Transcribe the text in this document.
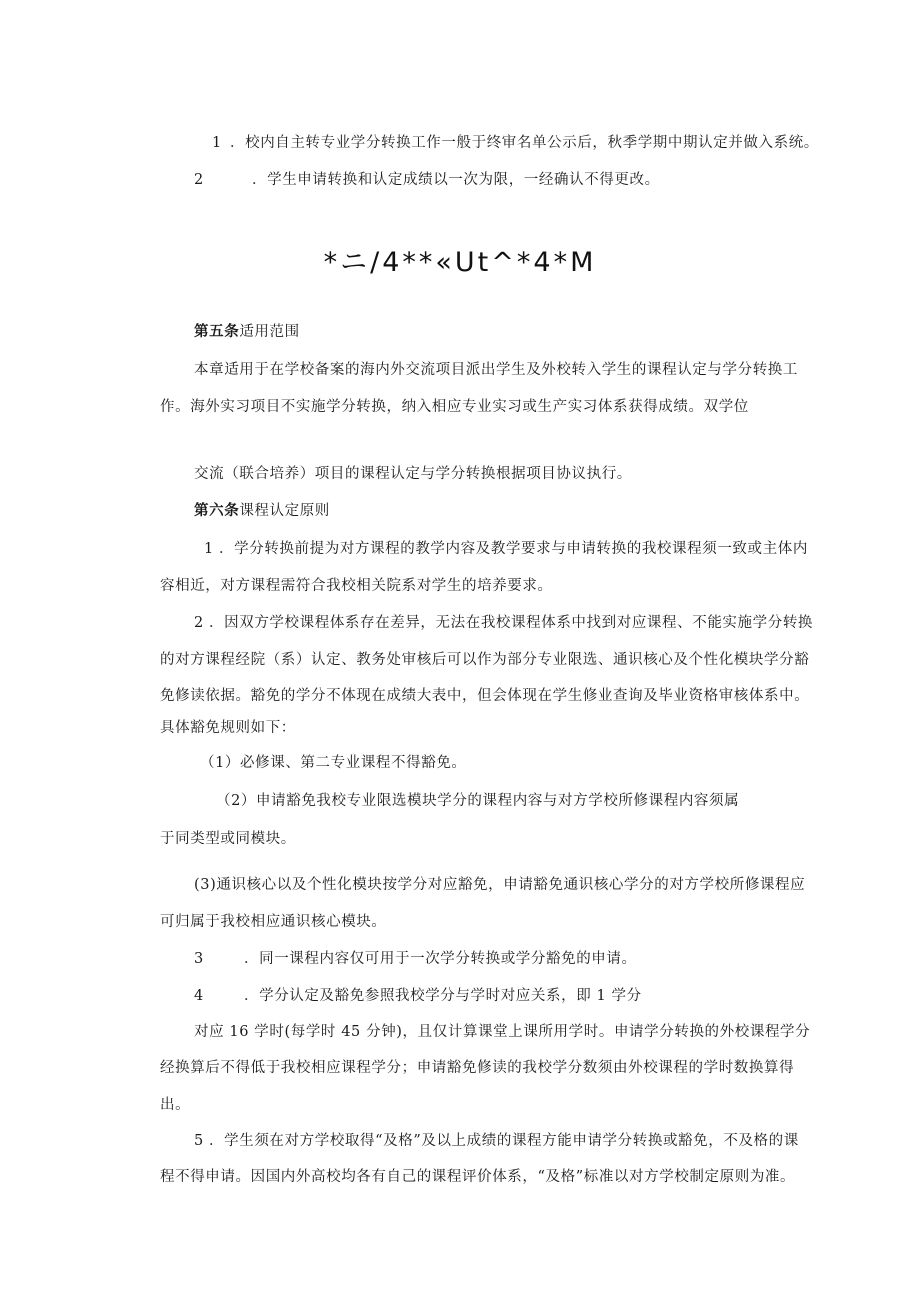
1 ．校内自主转专业学分转换工作一般于终审名单公示后，秋季学期中期认定并做入系统。
2	．学生申请转换和认定成绩以一次为限，一经确认不得更改。
*ニ/4**«Ut^*4*M
第五条适用范围
本章适用于在学校备案的海内外交流项目派出学生及外校转入学生的课程认定与学分转换工
作。海外实习项目不实施学分转换，纳入相应专业实习或生产实习体系获得成绩。双学位
交流（联合培养）项目的课程认定与学分转换根据项目协议执行。
第六条课程认定原则
1 ．学分转换前提为对方课程的教学内容及教学要求与申请转换的我校课程须一致或主体内
容相近，对方课程需符合我校相关院系对学生的培养要求。
2 ．因双方学校课程体系存在差异，无法在我校课程体系中找到对应课程、不能实施学分转换
的对方课程经院（系）认定、教务处审核后可以作为部分专业限选、通识核心及个性化模块学分豁
免修读依据。豁免的学分不体现在成绩大表中，但会体现在学生修业查询及毕业资格审核体系中。
具体豁免规则如下：
（1）必修课、第二专业课程不得豁免。
（2）申请豁免我校专业限选模块学分的课程内容与对方学校所修课程内容须属
于同类型或同模块。
(3)通识核心以及个性化模块按学分对应豁免，申请豁免通识核心学分的对方学校所修课程应
可归属于我校相应通识核心模块。
3	．同一课程内容仅可用于一次学分转换或学分豁免的申请。
4	．学分认定及豁免参照我校学分与学时对应关系，即 1 学分
对应 16 学时(每学时 45 分钟)，且仅计算课堂上课所用学时。申请学分转换的外校课程学分
经换算后不得低于我校相应课程学分；申请豁免修读的我校学分数须由外校课程的学时数换算得
出。
5 ．学生须在对方学校取得“及格”及以上成绩的课程方能申请学分转换或豁免，不及格的课
程不得申请。因国内外高校均各有自己的课程评价体系，“及格”标准以对方学校制定原则为准。
